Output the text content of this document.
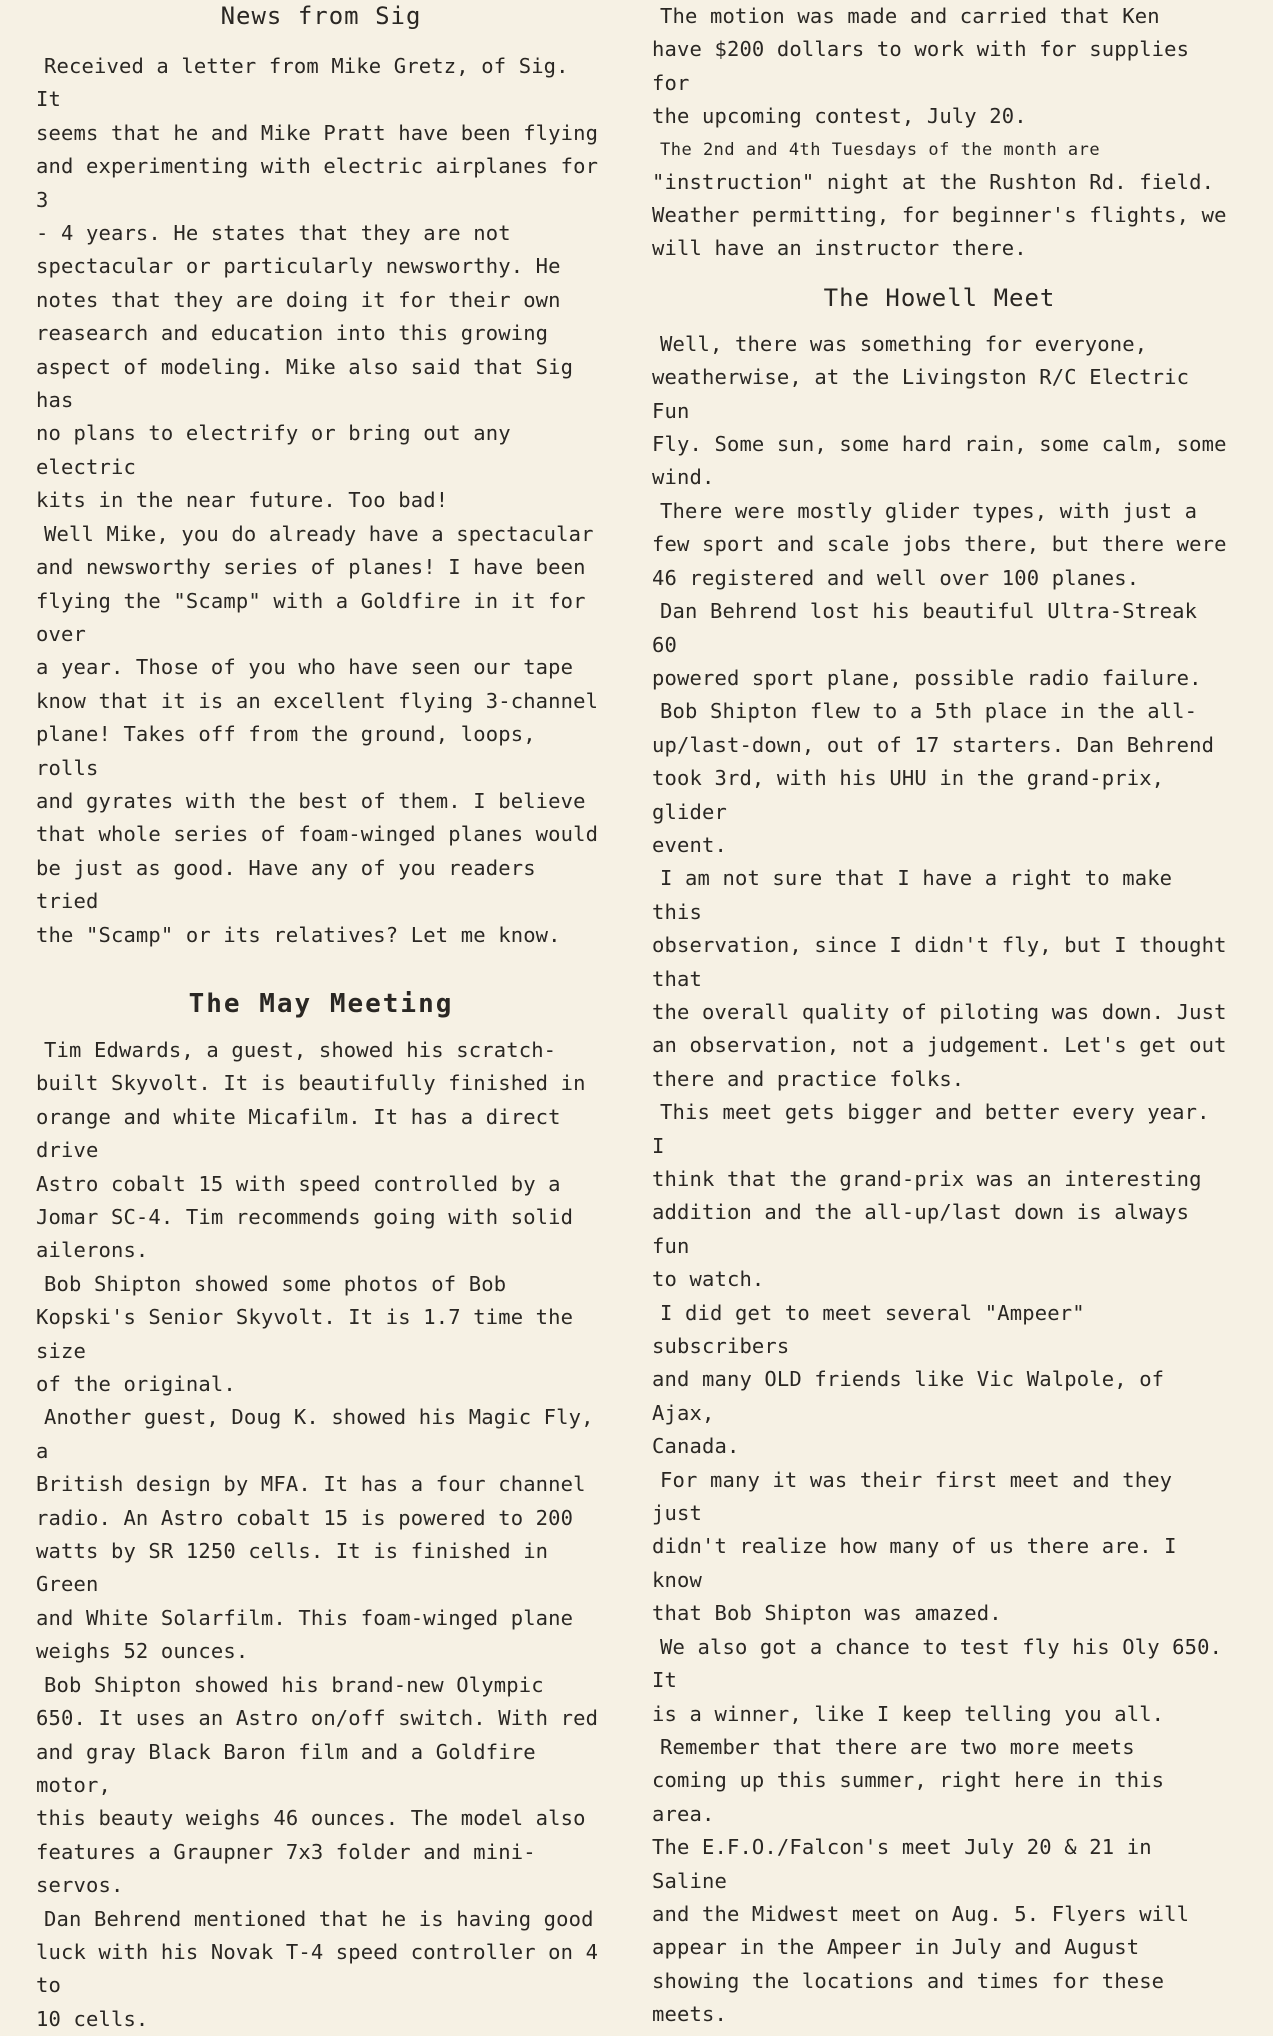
News from Sig

Received a letter from Mike Gretz, of Sig. It
seems that he and Mike Pratt have been flying
and experimenting with electric airplanes for 3
- 4 years. He states that they are not
spectacular or particularly newsworthy. He
notes that they are doing it for their own
reasearch and education into this growing
aspect of modeling. Mike also said that Sig has
no plans to electrify or bring out any electric
kits in the near future. Too bad!

Well Mike, you do already have a spectacular
and newsworthy series of planes! I have been
flying the "Scamp" with a Goldfire in it for over
a year. Those of you who have seen our tape
know that it is an excellent flying 3-channel
plane! Takes off from the ground, loops, rolls
and gyrates with the best of them. I believe
that whole series of foam-winged planes would
be just as good. Have any of you readers tried
the "Scamp" or its relatives? Let me know.

The May Meeting

Tim Edwards, a guest, showed his scratch-
built Skyvolt. It is beautifully finished in
orange and white Micafilm. It has a direct drive
Astro cobalt 15 with speed controlled by a
Jomar SC-4. Tim recommends going with solid
ailerons.

Bob Shipton showed some photos of Bob
Kopski's Senior Skyvolt. It is 1.7 time the size
of the original.

Another guest, Doug K. showed his Magic Fly, a
British design by MFA. It has a four channel
radio. An Astro cobalt 15 is powered to 200
watts by SR 1250 cells. It is finished in Green
and White Solarfilm. This foam-winged plane
weighs 52 ounces.

Bob Shipton showed his brand-new Olympic
650. It uses an Astro on/off switch. With red
and gray Black Baron film and a Goldfire motor,
this beauty weighs 46 ounces. The model also
features a Graupner 7x3 folder and mini-servos.

Dan Behrend mentioned that he is having good
luck with his Novak T-4 speed controller on 4 to
10 cells.

The motion was made and carried that Ken
have $200 dollars to work with for supplies for
the upcoming contest, July 20.

The 2nd and 4th Tuesdays of the month are

"instruction" night at the Rushton Rd. field.
Weather permitting, for beginner's flights, we
will have an instructor there.

The Howell Meet

Well, there was something for everyone,
weatherwise, at the Livingston R/C Electric Fun
Fly. Some sun, some hard rain, some calm, some
wind.

There were mostly glider types, with just a
few sport and scale jobs there, but there were
46 registered and well over 100 planes.

Dan Behrend lost his beautiful Ultra-Streak 60
powered sport plane, possible radio failure.

Bob Shipton flew to a 5th place in the all-
up/last-down, out of 17 starters. Dan Behrend
took 3rd, with his UHU in the grand-prix, glider
event.

I am not sure that I have a right to make this
observation, since I didn't fly, but I thought that
the overall quality of piloting was down. Just
an observation, not a judgement. Let's get out
there and practice folks.

This meet gets bigger and better every year. I
think that the grand-prix was an interesting
addition and the all-up/last down is always fun
to watch.

I did get to meet several "Ampeer" subscribers
and many OLD friends like Vic Walpole, of Ajax,
Canada.

For many it was their first meet and they just
didn't realize how many of us there are. I know
that Bob Shipton was amazed.

We also got a chance to test fly his Oly 650. It
is a winner, like I keep telling you all.

Remember that there are two more meets
coming up this summer, right here in this area.
The E.F.O./Falcon's meet July 20 & 21 in Saline
and the Midwest meet on Aug. 5. Flyers will
appear in the Ampeer in July and August
showing the locations and times for these
meets.
